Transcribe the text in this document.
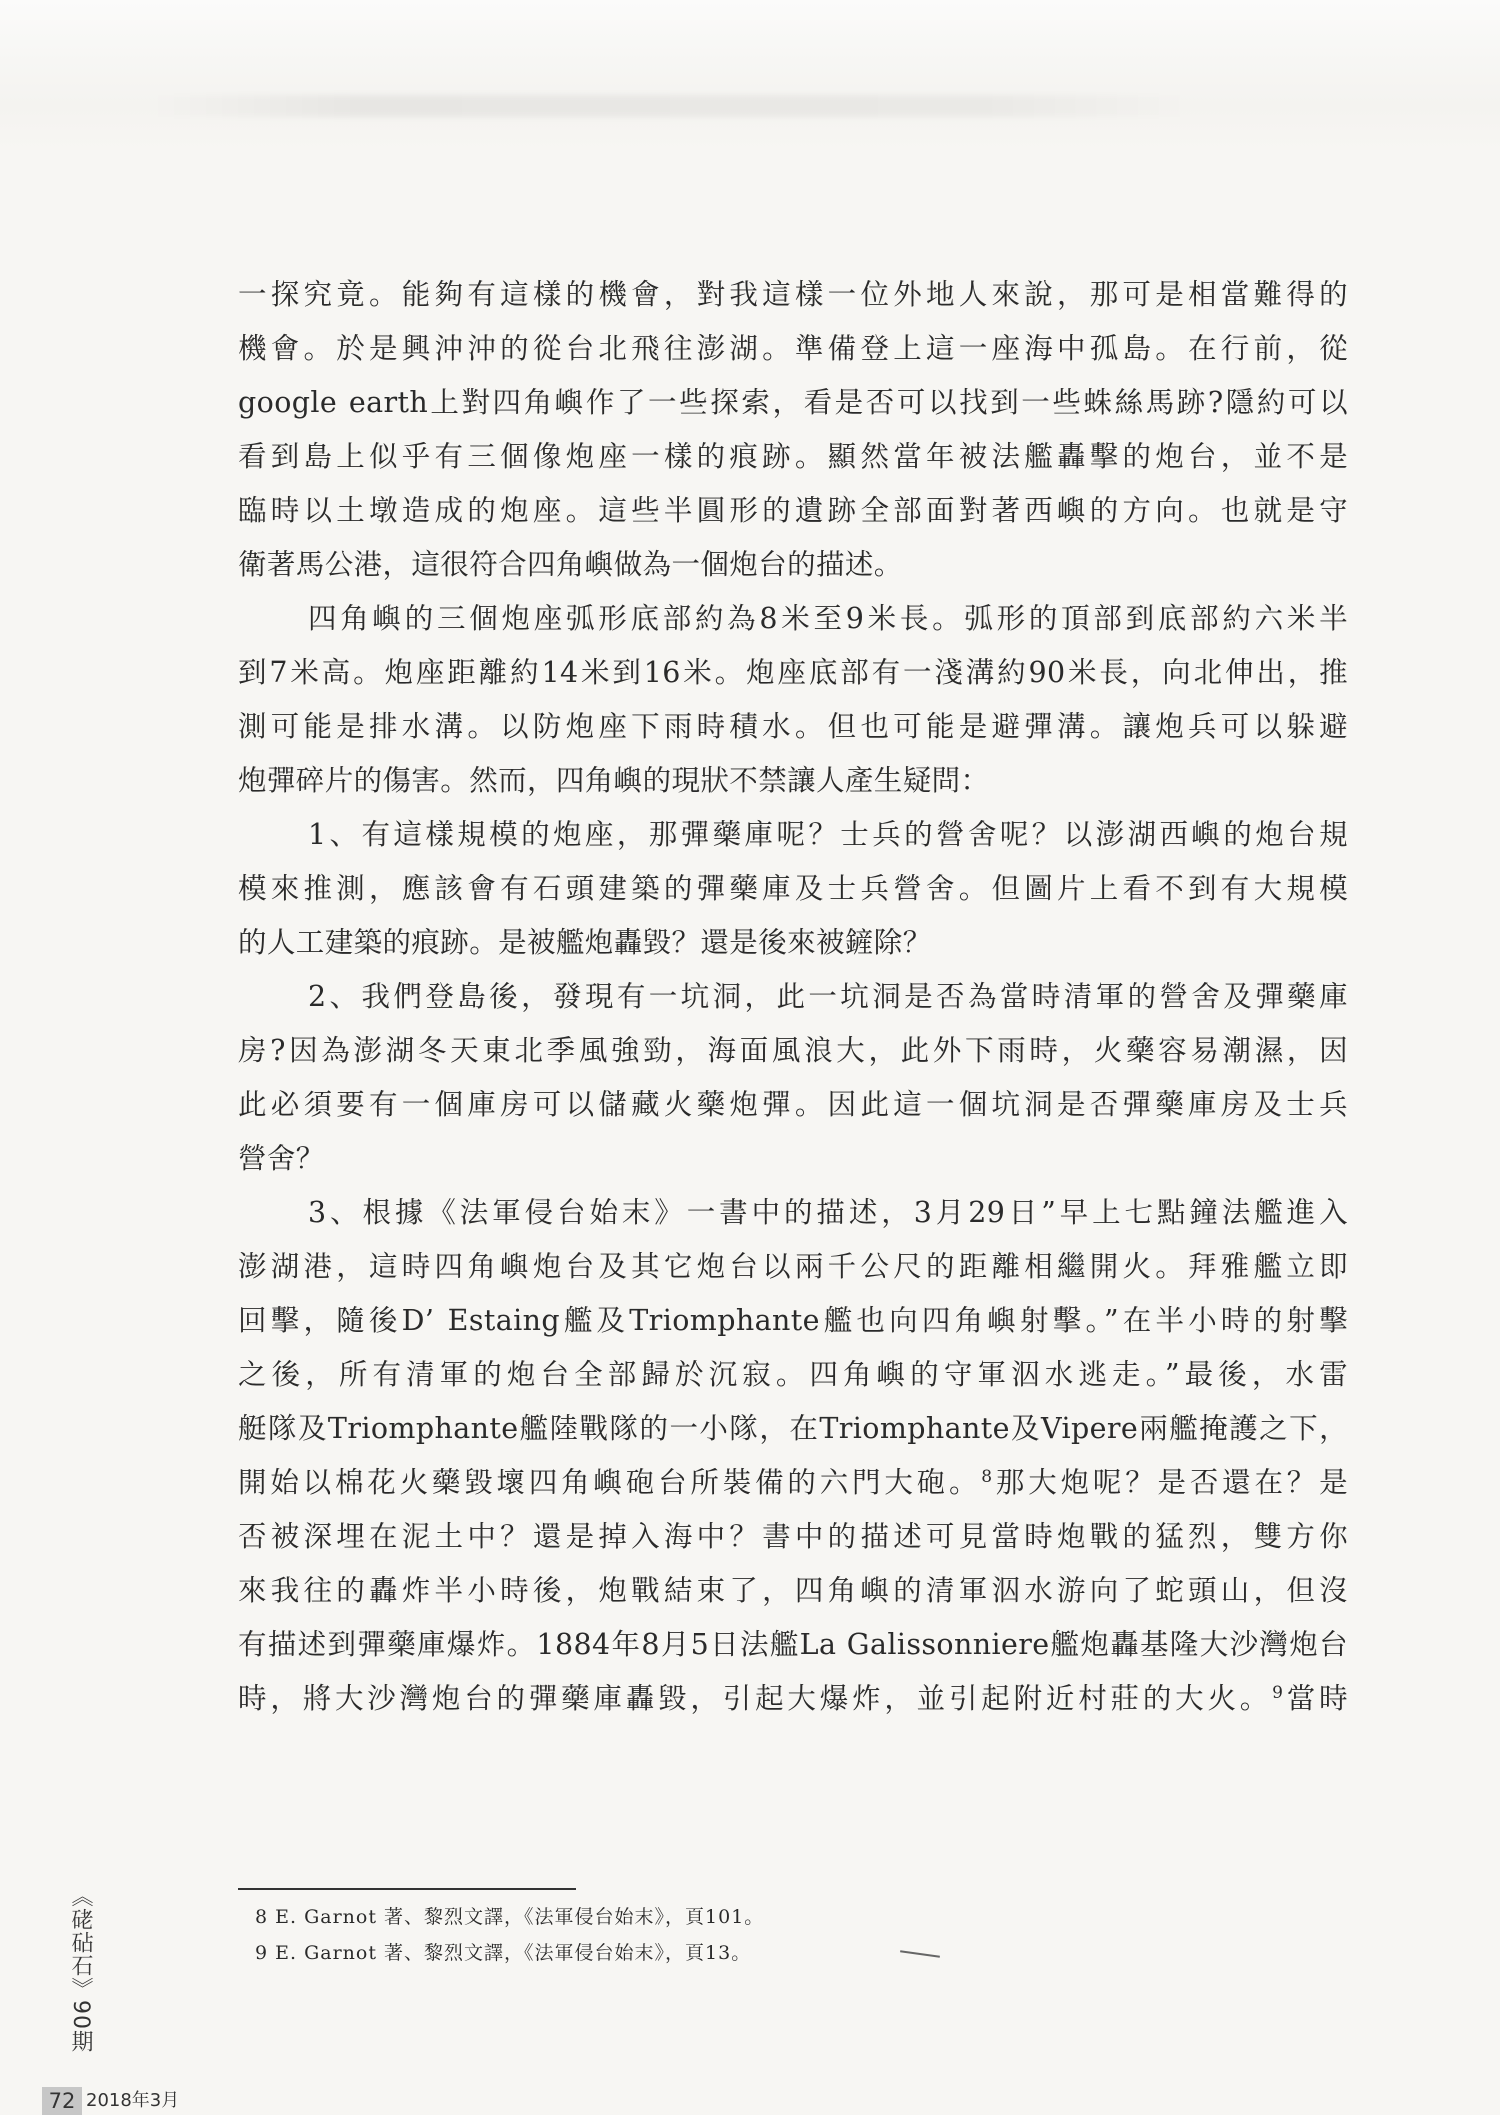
一探究竟。能夠有這樣的機會，對我這樣一位外地人來說，那可是相當難得的
機會。於是興沖沖的從台北飛往澎湖。準備登上這一座海中孤島。在行前，從
google earth上對四角嶼作了一些探索，看是否可以找到一些蛛絲馬跡?隱約可以
看到島上似乎有三個像炮座一樣的痕跡。顯然當年被法艦轟擊的炮台，並不是
臨時以土墩造成的炮座。這些半圓形的遺跡全部面對著西嶼的方向。也就是守
衛著馬公港，這很符合四角嶼做為一個炮台的描述。
四角嶼的三個炮座弧形底部約為8米至9米長。弧形的頂部到底部約六米半
到7米高。炮座距離約14米到16米。炮座底部有一淺溝約90米長，向北伸出，推
測可能是排水溝。以防炮座下雨時積水。但也可能是避彈溝。讓炮兵可以躲避
炮彈碎片的傷害。然而，四角嶼的現狀不禁讓人產生疑問：
1、有這樣規模的炮座，那彈藥庫呢？士兵的營舍呢？以澎湖西嶼的炮台規
模來推測，應該會有石頭建築的彈藥庫及士兵營舍。但圖片上看不到有大規模
的人工建築的痕跡。是被艦炮轟毀？還是後來被鏟除？
2、我們登島後，發現有一坑洞，此一坑洞是否為當時清軍的營舍及彈藥庫
房?因為澎湖冬天東北季風強勁，海面風浪大，此外下雨時，火藥容易潮濕，因
此必須要有一個庫房可以儲藏火藥炮彈。因此這一個坑洞是否彈藥庫房及士兵
營舍？
3、根據《法軍侵台始末》一書中的描述，3月29日”早上七點鐘法艦進入
澎湖港，這時四角嶼炮台及其它炮台以兩千公尺的距離相繼開火。拜雅艦立即
回擊，隨後D’ Estaing艦及Triomphante艦也向四角嶼射擊。”在半小時的射擊
之後，所有清軍的炮台全部歸於沉寂。四角嶼的守軍泅水逃走。”最後，水雷
艇隊及Triomphante艦陸戰隊的一小隊，在Triomphante及Vipere兩艦掩護之下，
開始以棉花火藥毀壞四角嶼砲台所裝備的六門大砲。$^8$那大炮呢？是否還在？是
否被深埋在泥土中？還是掉入海中？書中的描述可見當時炮戰的猛烈，雙方你
來我往的轟炸半小時後，炮戰結束了，四角嶼的清軍泅水游向了蛇頭山，但沒
有描述到彈藥庫爆炸。1884年8月5日法艦La Galissonniere艦炮轟基隆大沙灣炮台
時，將大沙灣炮台的彈藥庫轟毀，引起大爆炸，並引起附近村莊的大火。$^9$當時
8 E. Garnot 著、黎烈文譯，《法軍侵台始末》，頁101。
9 E. Garnot 著、黎烈文譯，《法軍侵台始末》，頁13。
《硓砧石》90期
72 2018年3月
